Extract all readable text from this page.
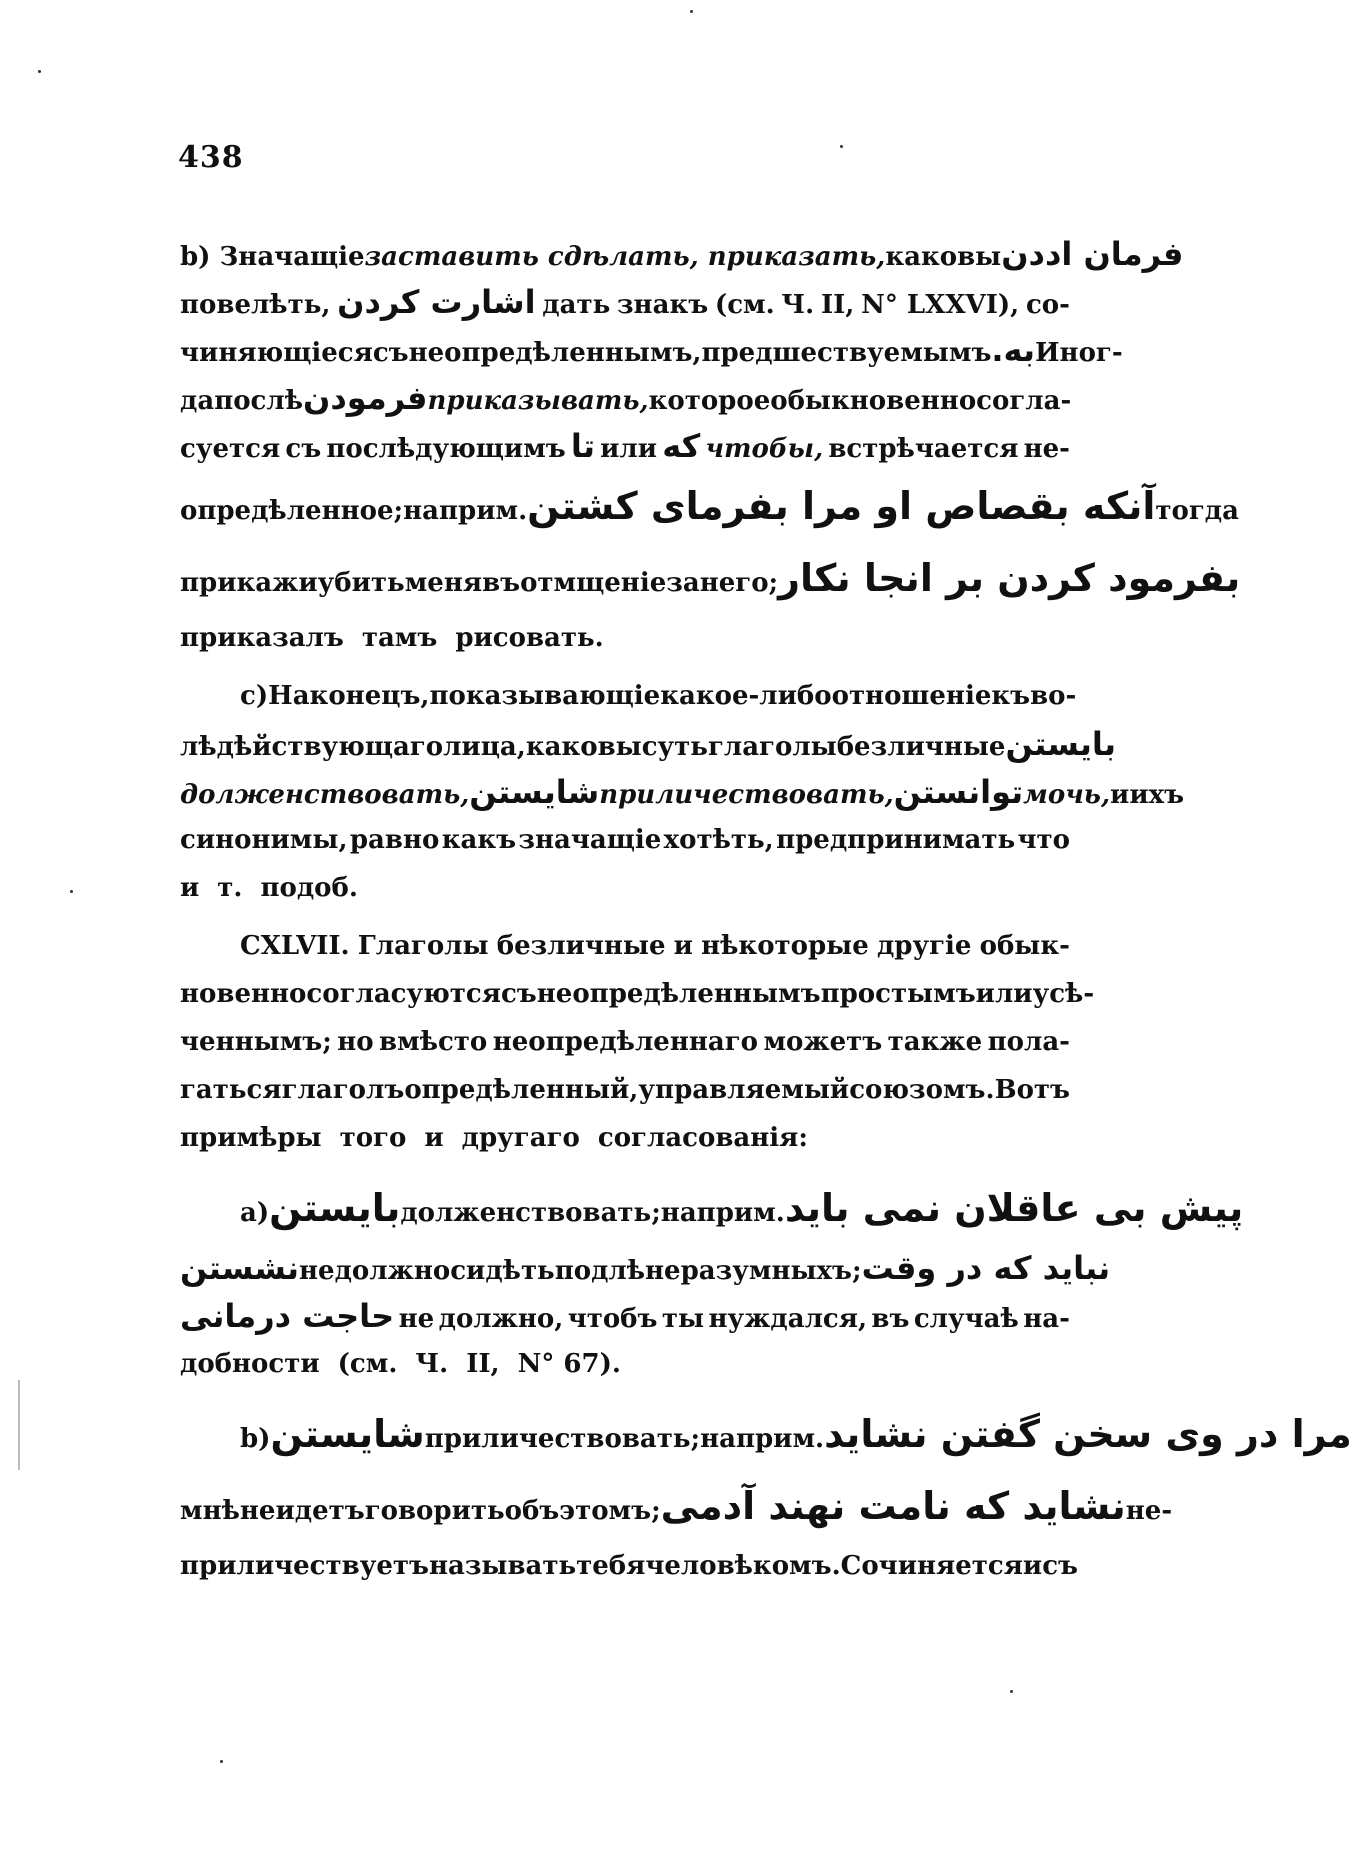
438
b) Значащіе заставить сдѣлать, приказать, каковы فرمان اددن
повелѣть, اشارت كردن дать знакъ (см. Ч. II, N° LXXVI), со-
чиняющіеся съ неопредѣленнымъ, предшествуемымъ به. Иног-
да послѣ فرمودن приказывать, которое обыкновенно согла-
суется съ послѣдующимъ تا или كه чтобы, встрѣчается не-
опредѣленное; наприм. آنكه بقصاص او مرا بفرماى كشتن тогда
прикажи убить меня въ отмщеніе за него; بفرمود كردن بر انجا نكار
приказалъ тамъ рисовать.
c) Наконецъ, показывающіе какое-либо отношеніе къ во-
лѣ дѣйствующаго лица, каковы суть глаголы безличные بايستن
долженствовать, شايستن приличествовать, توانستن мочь, и ихъ
синонимы, равно какъ значащіе хотѣть, предпринимать что
и т. подоб.
CXLVII. Глаголы безличные и нѣкоторые другіе обык-
новенно согласуются съ неопредѣленнымъ простымъ или усѣ-
ченнымъ; но вмѣсто неопредѣленнаго можетъ также пола-
гаться глаголъ опредѣленный, управляемый союзомъ. Вотъ
примѣры того и другаго согласованія:
a) بايستن долженствовать; наприм. پيش بى عاقلان نمى بايد
نشستن не должно сидѣть подлѣ неразумныхъ; نبايد كه در وقت
حاجت درمانى не должно, чтобъ ты нуждался, въ случаѣ на-
добности (см. Ч. II, N° 67).
b) شايستن приличествовать; наприм. مرا در وى سخن گفتن نشايد
мнѣ не идетъ говорить объ этомъ; نشايد كه نامت نهند آدمى не-
приличествуетъ называть тебя человѣкомъ. Сочиняется и съ
